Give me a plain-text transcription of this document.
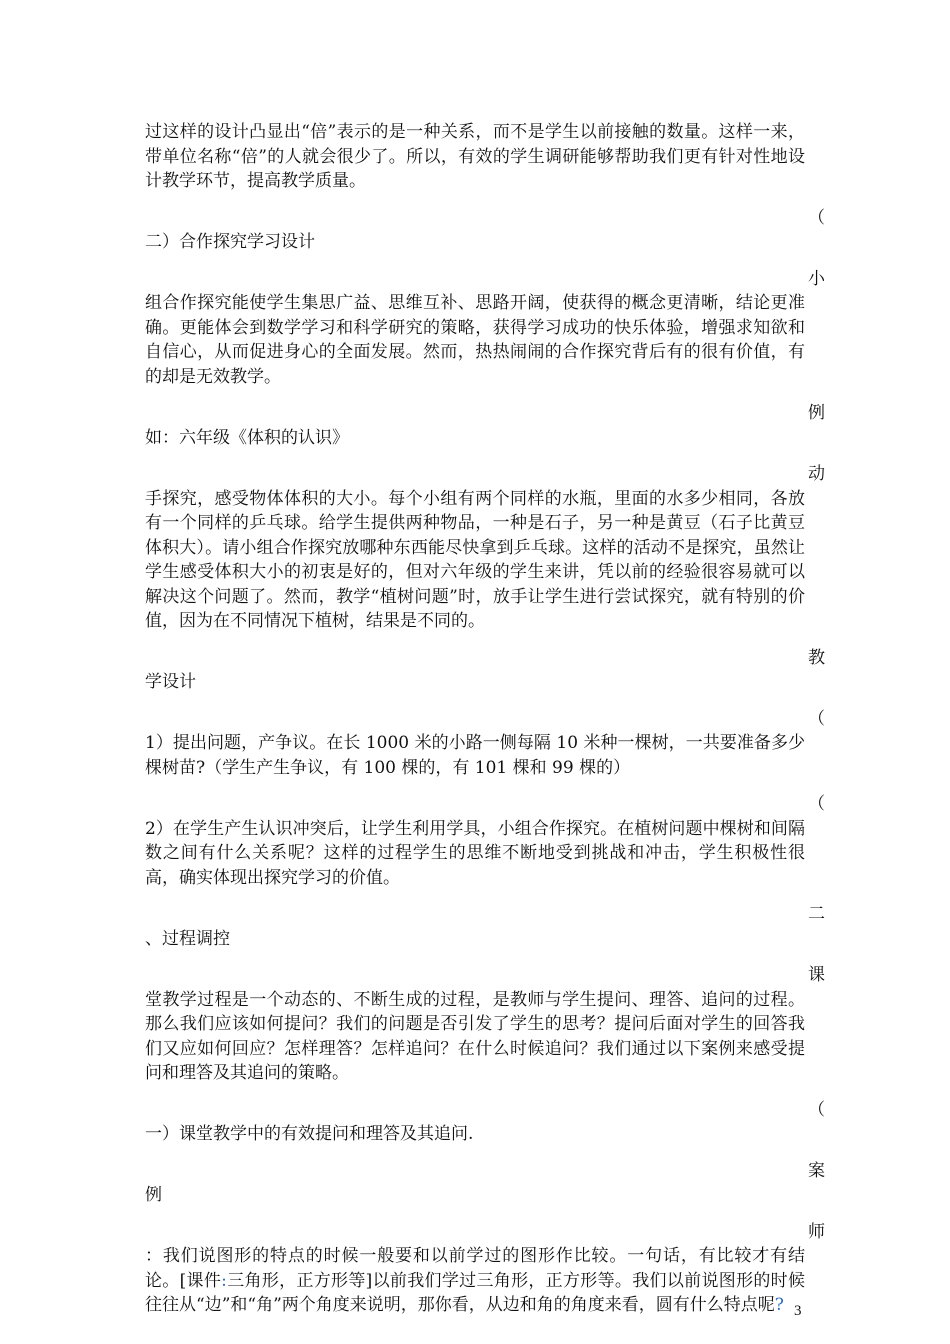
过这样的设计凸显出“倍”表示的是一种关系，而不是学生以前接触的数量。这样一来，带单位名称“倍”的人就会很少了。所以，有效的学生调研能够帮助我们更有针对性地设计教学环节，提高教学质量。

（

二）合作探究学习设计

小

组合作探究能使学生集思广益、思维互补、思路开阔，使获得的概念更清晰，结论更准确。更能体会到数学学习和科学研究的策略，获得学习成功的快乐体验，增强求知欲和自信心，从而促进身心的全面发展。然而，热热闹闹的合作探究背后有的很有价值，有的却是无效教学。

例

如：六年级《体积的认识》

动

手探究，感受物体体积的大小。每个小组有两个同样的水瓶，里面的水多少相同，各放有一个同样的乒乓球。给学生提供两种物品，一种是石子，另一种是黄豆（石子比黄豆体积大）。请小组合作探究放哪种东西能尽快拿到乒乓球。这样的活动不是探究，虽然让学生感受体积大小的初衷是好的，但对六年级的学生来讲，凭以前的经验很容易就可以解决这个问题了。然而，教学“植树问题”时，放手让学生进行尝试探究，就有特别的价值，因为在不同情况下植树，结果是不同的。

教

学设计

（

1）提出问题，产争议。在长 1000 米的小路一侧每隔 10 米种一棵树，一共要准备多少棵树苗?（学生产生争议，有 100 棵的，有 101 棵和 99 棵的）

（

2）在学生产生认识冲突后，让学生利用学具，小组合作探究。在植树问题中棵树和间隔数之间有什么关系呢？这样的过程学生的思维不断地受到挑战和冲击，学生积极性很高，确实体现出探究学习的价值。

二

、过程调控

课

堂教学过程是一个动态的、不断生成的过程，是教师与学生提问、理答、追问的过程。那么我们应该如何提问？我们的问题是否引发了学生的思考？提问后面对学生的回答我们又应如何回应？怎样理答？怎样追问？在什么时候追问？我们通过以下案例来感受提问和理答及其追问的策略。

（

一）课堂教学中的有效提问和理答及其追问.

案

例

师

：我们说图形的特点的时候一般要和以前学过的图形作比较。一句话，有比较才有结论。[课件:三角形，正方形等]以前我们学过三角形，正方形等。我们以前说图形的时候往往从“边”和“角”两个角度来说明，那你看，从边和角的角度来看，圆有什么特点呢? 3
